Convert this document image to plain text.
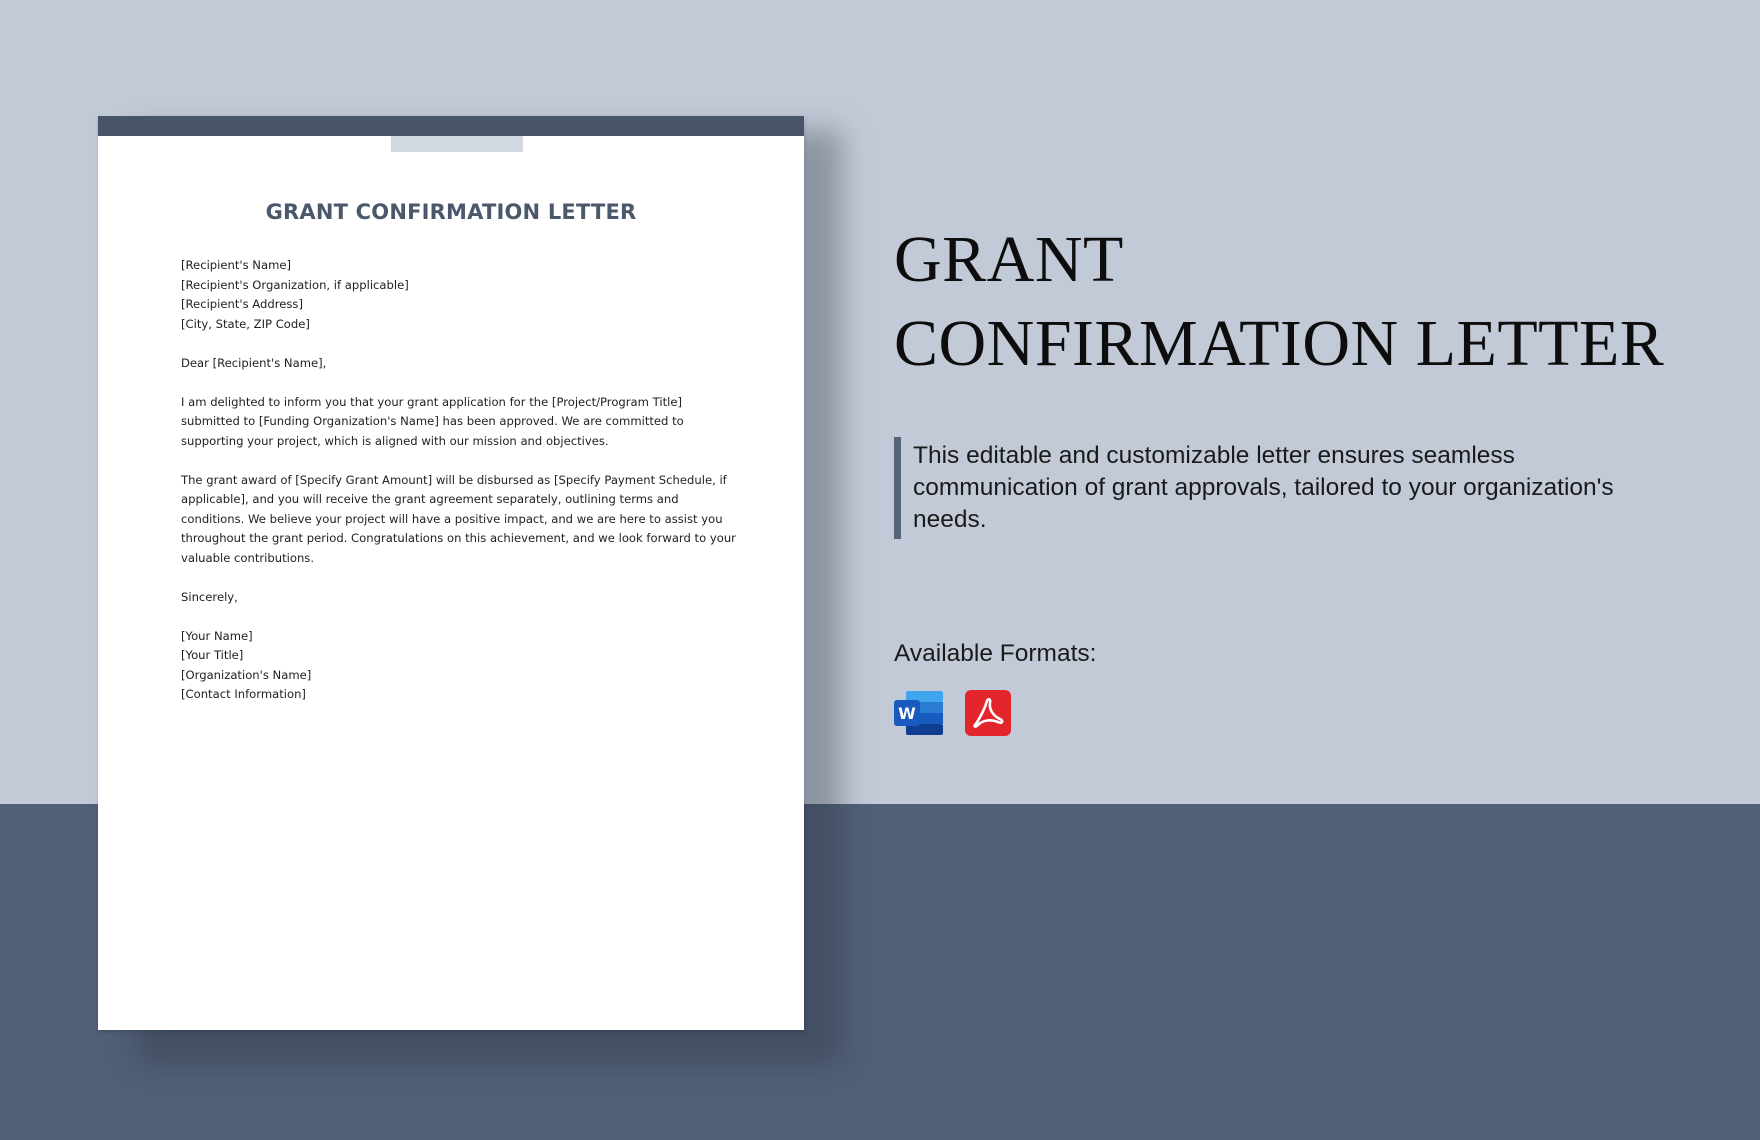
GRANT CONFIRMATION LETTER
[Recipient's Name]
[Recipient's Organization, if applicable]
[Recipient's Address]
[City, State, ZIP Code]
Dear [Recipient's Name],
I am delighted to inform you that your grant application for the [Project/Program Title]
submitted to [Funding Organization's Name] has been approved. We are committed to
supporting your project, which is aligned with our mission and objectives.
The grant award of [Specify Grant Amount] will be disbursed as [Specify Payment Schedule, if
applicable], and you will receive the grant agreement separately, outlining terms and
conditions. We believe your project will have a positive impact, and we are here to assist you
throughout the grant period. Congratulations on this achievement, and we look forward to your
valuable contributions.
Sincerely,
[Your Name]
[Your Title]
[Organization's Name]
[Contact Information]
GRANT
CONFIRMATION LETTER
This editable and customizable letter ensures seamless communication of grant approvals, tailored to your organization's needs.
Available Formats:
W
